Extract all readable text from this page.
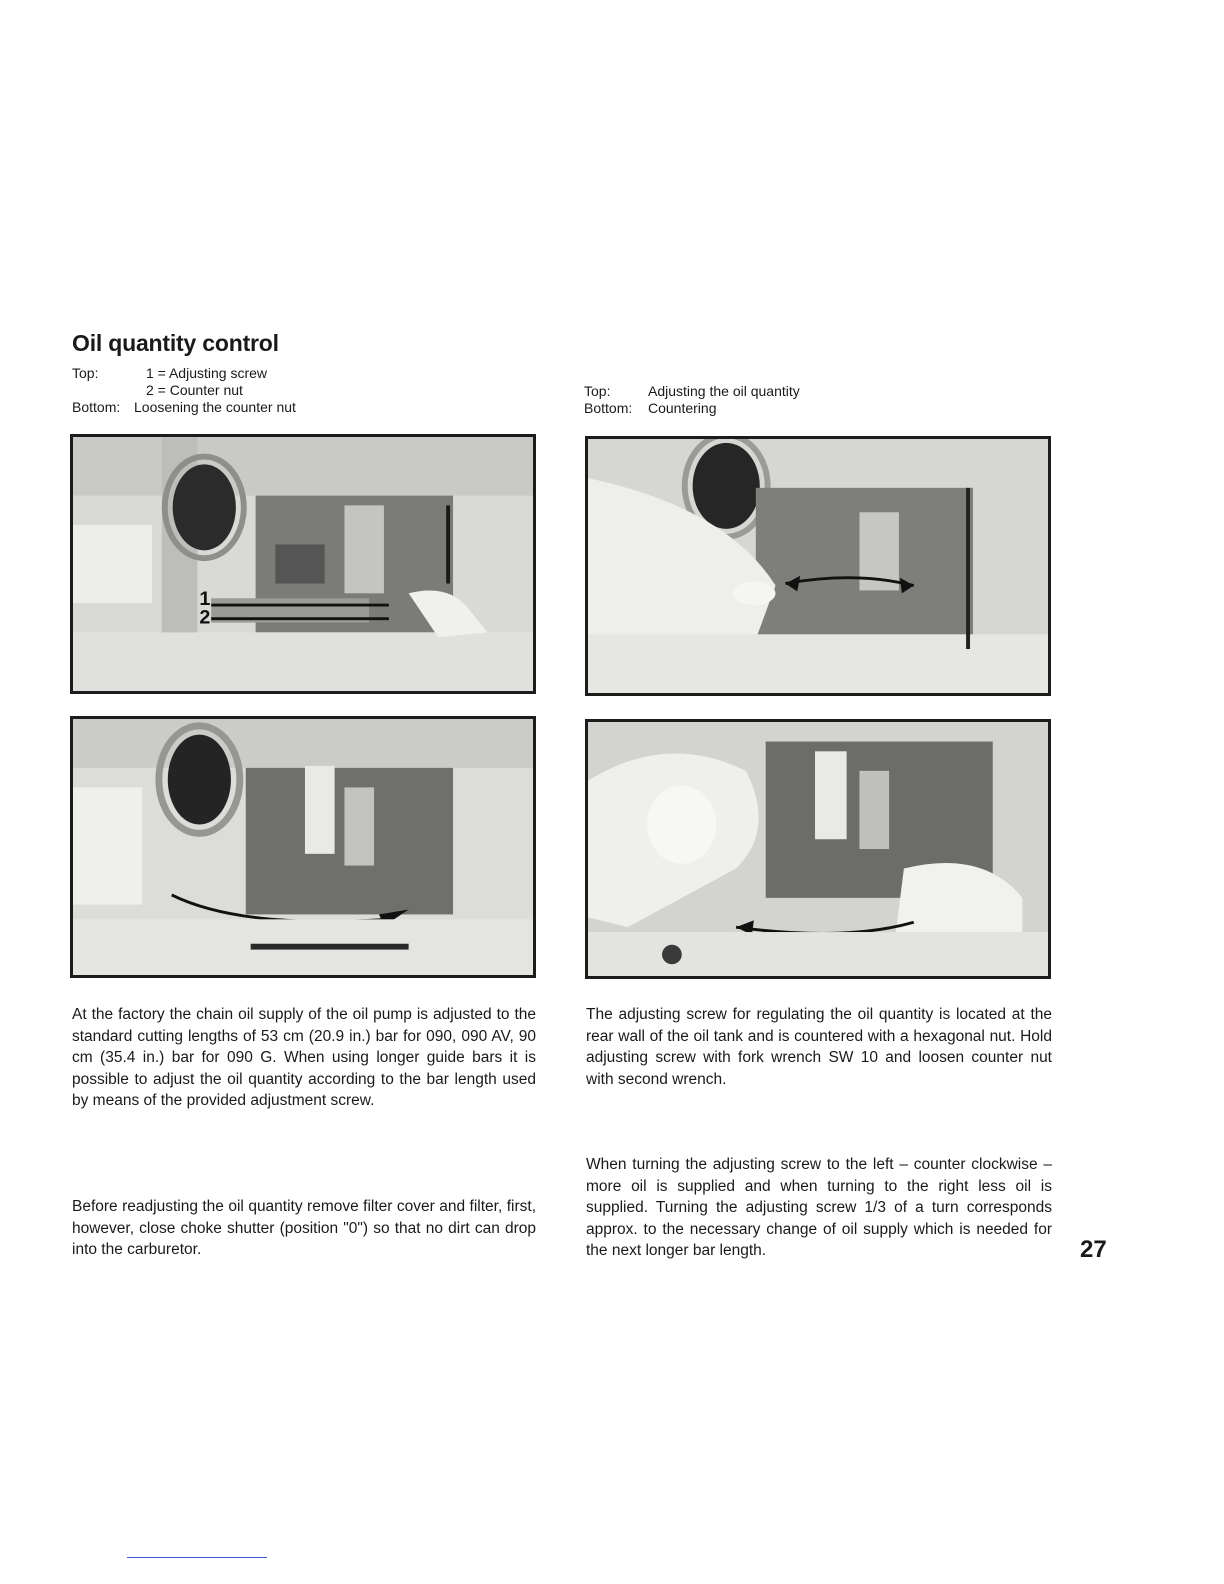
Oil quantity control
Top:	1 = Adjusting screw
2 = Counter nut
Bottom: Loosening the counter nut
Top:	Adjusting the oil quantity
Bottom: Countering
1
2
At the factory the chain oil supply of the oil pump is adjusted to the standard cutting lengths of 53 cm (20.9 in.) bar for 090, 090 AV, 90 cm (35.4 in.) bar for 090 G. When using longer guide bars it is possible to adjust the oil quantity according to the bar length used by means of the provided adjustment screw.
Before readjusting the oil quantity remove filter cover and filter, first, however, close choke shutter (position "0") so that no dirt can drop into the carburetor.
The adjusting screw for regulating the oil quantity is located at the rear wall of the oil tank and is countered with a hexagonal nut. Hold adjusting screw with fork wrench SW 10 and loosen counter nut with second wrench.
When turning the adjusting screw to the left – counter clockwise – more oil is supplied and when turning to the right less oil is supplied. Turning the adjusting screw 1/3 of a turn corresponds approx. to the necessary change of oil supply which is needed for the next longer bar length.	27
